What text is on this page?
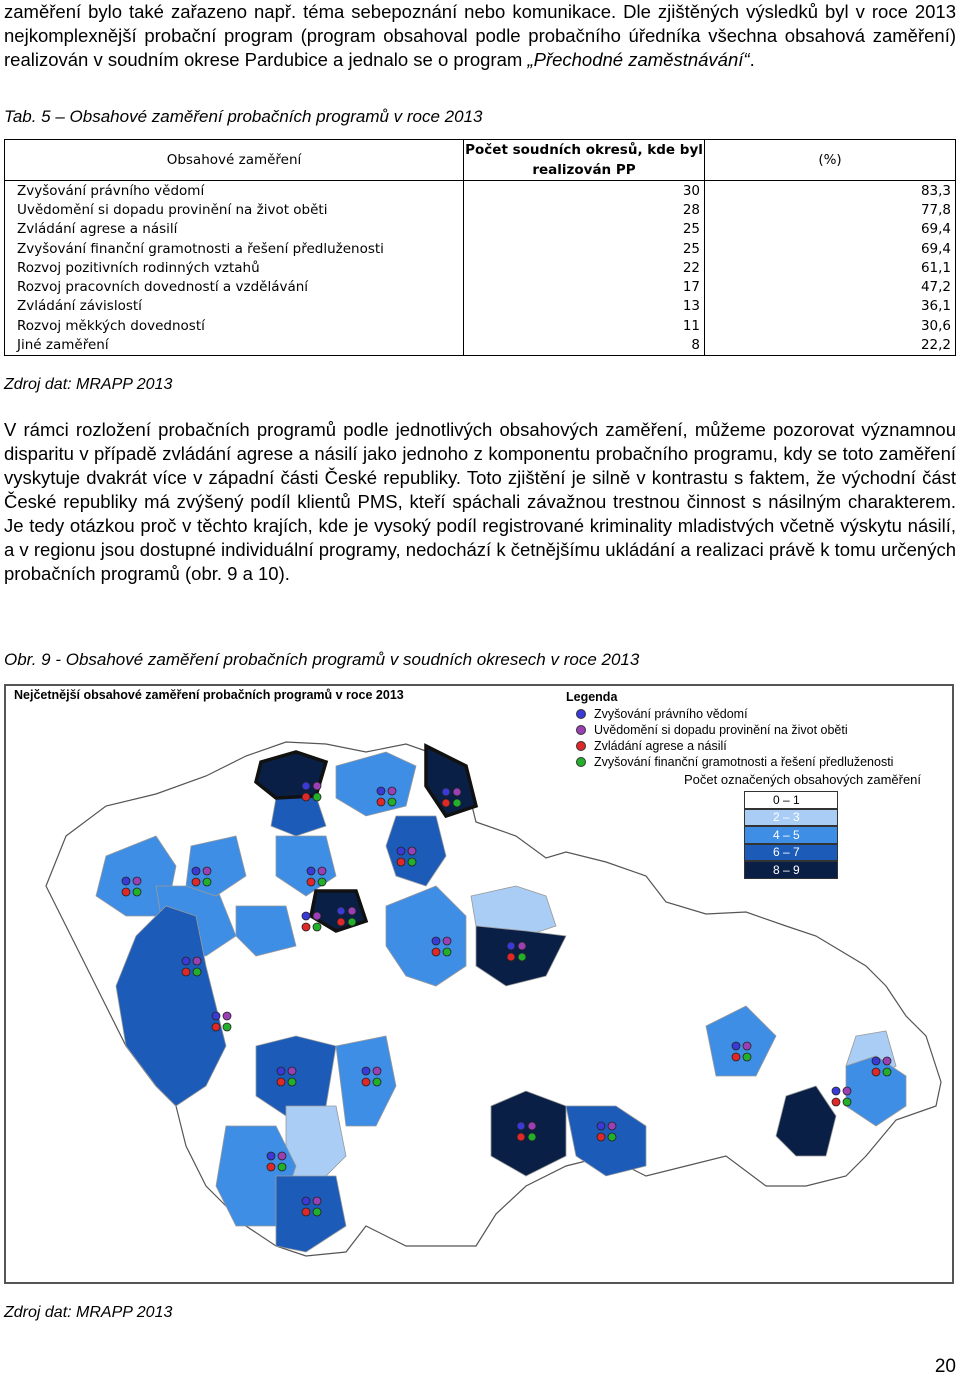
zaměření bylo také zařazeno např. téma sebepoznání nebo komunikace. Dle zjištěných výsledků byl v roce 2013 nejkomplexnější probační program (program obsahoval podle probačního úředníka všechna obsahová zaměření) realizován v soudním okrese Pardubice a jednalo se o program „Přechodné zaměstnávání“.
Tab. 5 – Obsahové zaměření probačních programů v roce 2013
Obsahové zaměření	Počet soudních okresů, kde byl realizován PP	(%)
Zvyšování právního vědomí	30	83,3
Uvědomění si dopadu provinění na život oběti	28	77,8
Zvládání agrese a násilí	25	69,4
Zvyšování finanční gramotnosti a řešení předluženosti	25	69,4
Rozvoj pozitivních rodinných vztahů	22	61,1
Rozvoj pracovních dovedností a vzdělávání	17	47,2
Zvládání závislostí	13	36,1
Rozvoj měkkých dovedností	11	30,6
Jiné zaměření	8	22,2
Zdroj dat: MRAPP 2013
V rámci rozložení probačních programů podle jednotlivých obsahových zaměření, můžeme pozorovat významnou disparitu v případě zvládání agrese a násilí jako jednoho z komponentu probačního programu, kdy se toto zaměření vyskytuje dvakrát více v západní části České republiky. Toto zjištění je silně v kontrastu s faktem, že východní část České republiky má zvýšený podíl klientů PMS, kteří spáchali závažnou trestnou činnost s násilným charakterem. Je tedy otázkou proč v těchto krajích, kde je vysoký podíl registrované kriminality mladistvých včetně výskytu násilí, a v regionu jsou dostupné individuální programy, nedochází k četnějšímu ukládání a realizaci právě k tomu určených probačních programů (obr. 9 a 10).
Obr. 9 - Obsahové zaměření probačních programů v soudních okresech v roce 2013
Nejčetnější obsahové zaměření probačních programů v roce 2013	Legenda
Zvyšování právního vědomí
Uvědomění si dopadu provinění na život oběti
Zvládání agrese a násilí
Zvyšování finanční gramotnosti a řešení předluženosti
Počet označených obsahových zaměření
0 – 1
2 – 3
4 – 5
6 – 7
8 – 9
Zdroj dat: MRAPP 2013
20
